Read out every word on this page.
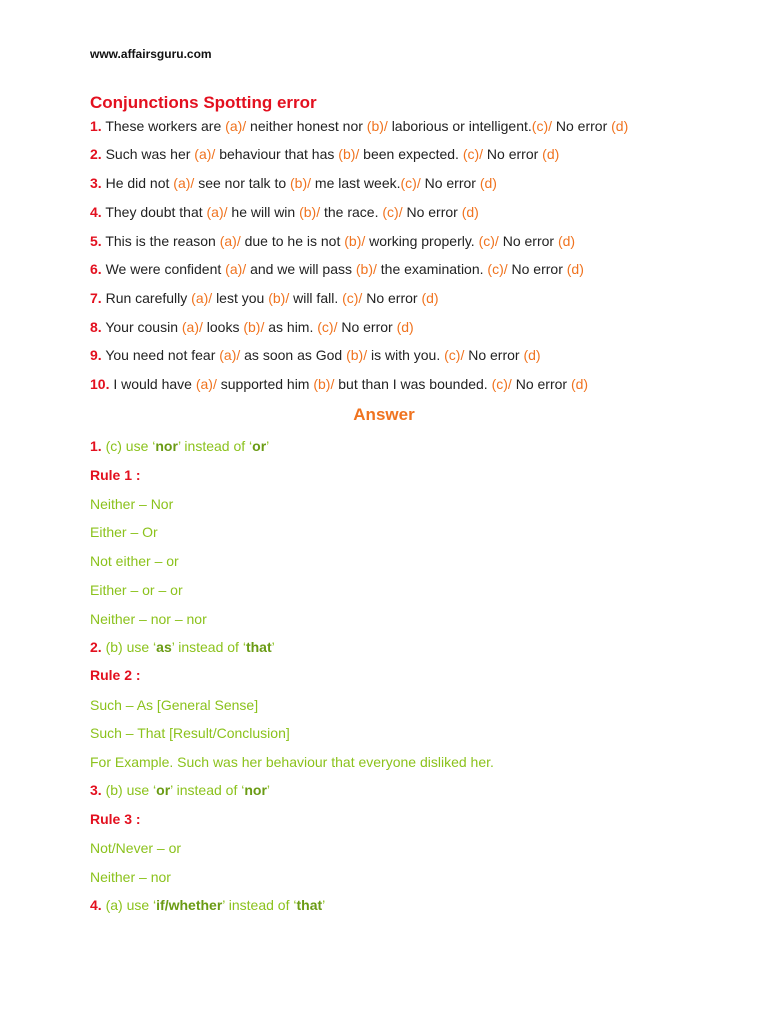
www.affairsguru.com
Conjunctions Spotting error
1. These workers are (a)/ neither honest nor (b)/ laborious or intelligent.(c)/ No error (d)
2. Such was her (a)/ behaviour that has (b)/ been expected. (c)/ No error (d)
3. He did not (a)/ see nor talk to (b)/ me last week.(c)/ No error (d)
4. They doubt that (a)/ he will win (b)/ the race. (c)/ No error (d)
5. This is the reason (a)/ due to he is not (b)/ working properly. (c)/ No error (d)
6. We were confident (a)/ and we will pass (b)/ the examination. (c)/ No error (d)
7. Run carefully (a)/ lest you (b)/ will fall. (c)/ No error (d)
8. Your cousin (a)/ looks (b)/ as him. (c)/ No error (d)
9. You need not fear (a)/ as soon as God (b)/ is with you. (c)/ No error (d)
10. I would have (a)/ supported him (b)/ but than I was bounded. (c)/ No error (d)
Answer
1. (c) use ‘nor’ instead of ‘or’
Rule 1 :
Neither – Nor
Either – Or
Not either – or
Either – or – or
Neither – nor – nor
2. (b) use ‘as’ instead of ‘that’
Rule 2 :
Such – As [General Sense]
Such – That [Result/Conclusion]
For Example. Such was her behaviour that everyone disliked her.
3. (b) use ‘or’ instead of ‘nor’
Rule 3 :
Not/Never – or
Neither – nor
4. (a) use ‘if/whether’ instead of ‘that’
